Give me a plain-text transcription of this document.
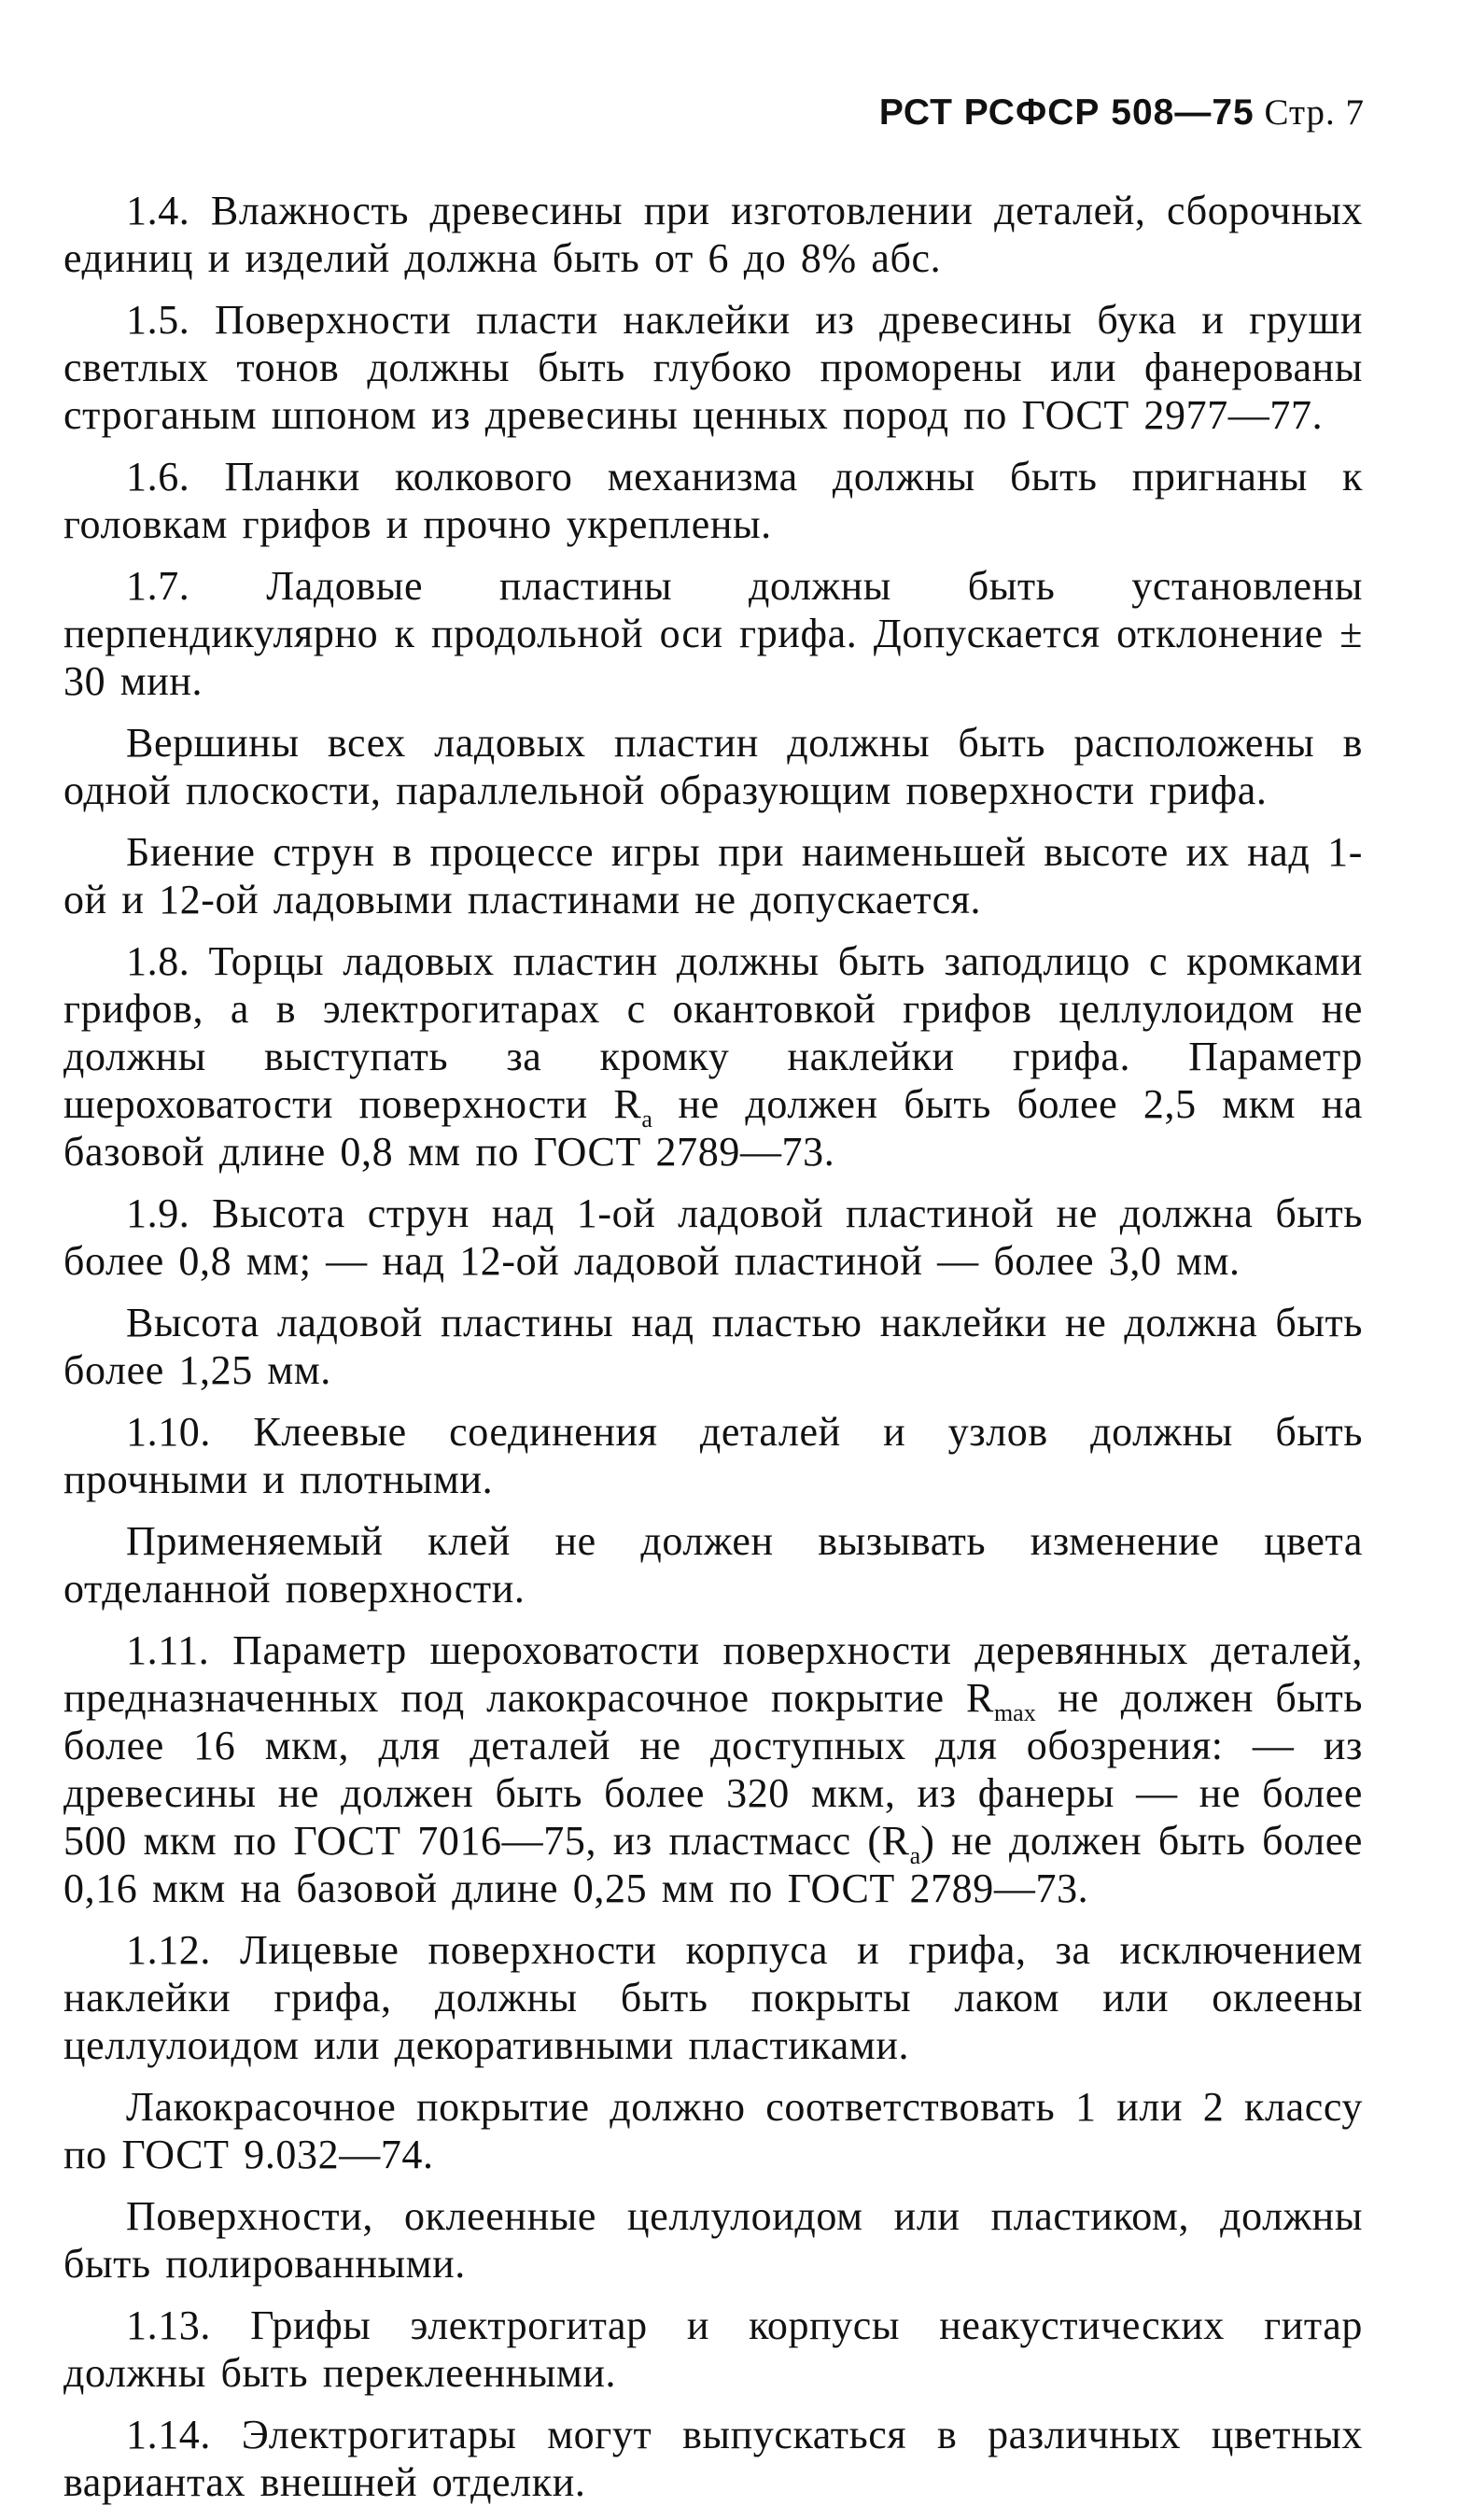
РСТ РСФСР 508—75 Стр. 7

1.4. Влажность древесины при изготовлении деталей, сборочных единиц и изделий должна быть от 6 до 8% абс.

1.5. Поверхности пласти наклейки из древесины бука и груши светлых тонов должны быть глубоко проморены или фанерованы строганым шпоном из древесины ценных пород по ГОСТ 2977—77.

1.6. Планки колкового механизма должны быть пригнаны к головкам грифов и прочно укреплены.

1.7. Ладовые пластины должны быть установлены перпендикулярно к продольной оси грифа. Допускается отклонение ± 30 мин.

Вершины всех ладовых пластин должны быть расположены в одной плоскости, параллельной образующим поверхности грифа.

Биение струн в процессе игры при наименьшей высоте их над 1-ой и 12-ой ладовыми пластинами не допускается.

1.8. Торцы ладовых пластин должны быть заподлицо с кромками грифов, а в электрогитарах с окантовкой грифов целлулоидом не должны выступать за кромку наклейки грифа. Параметр шероховатости поверхности $R_a$ не должен быть более 2,5 мкм на базовой длине 0,8 мм по ГОСТ 2789—73.

1.9. Высота струн над 1-ой ладовой пластиной не должна быть более 0,8 мм; — над 12-ой ладовой пластиной — более 3,0 мм.

Высота ладовой пластины над пластью наклейки не должна быть более 1,25 мм.

1.10. Клеевые соединения деталей и узлов должны быть прочными и плотными.

Применяемый клей не должен вызывать изменение цвета отделанной поверхности.

1.11. Параметр шероховатости поверхности деревянных деталей, предназначенных под лакокрасочное покрытие $R_{max}$ не должен быть более 16 мкм, для деталей не доступных для обозрения: — из древесины не должен быть более 320 мкм, из фанеры — не более 500 мкм по ГОСТ 7016—75, из пластмасс $(R_a)$ не должен быть более 0,16 мкм на базовой длине 0,25 мм по ГОСТ 2789—73.

1.12. Лицевые поверхности корпуса и грифа, за исключением наклейки грифа, должны быть покрыты лаком или оклеены целлулоидом или декоративными пластиками.

Лакокрасочное покрытие должно соответствовать 1 или 2 классу по ГОСТ 9.032—74.

Поверхности, оклеенные целлулоидом или пластиком, должны быть полированными.

1.13. Грифы электрогитар и корпусы неакустических гитар должны быть переклеенными.

1.14. Электрогитары могут выпускаться в различных цветных вариантах внешней отделки.
